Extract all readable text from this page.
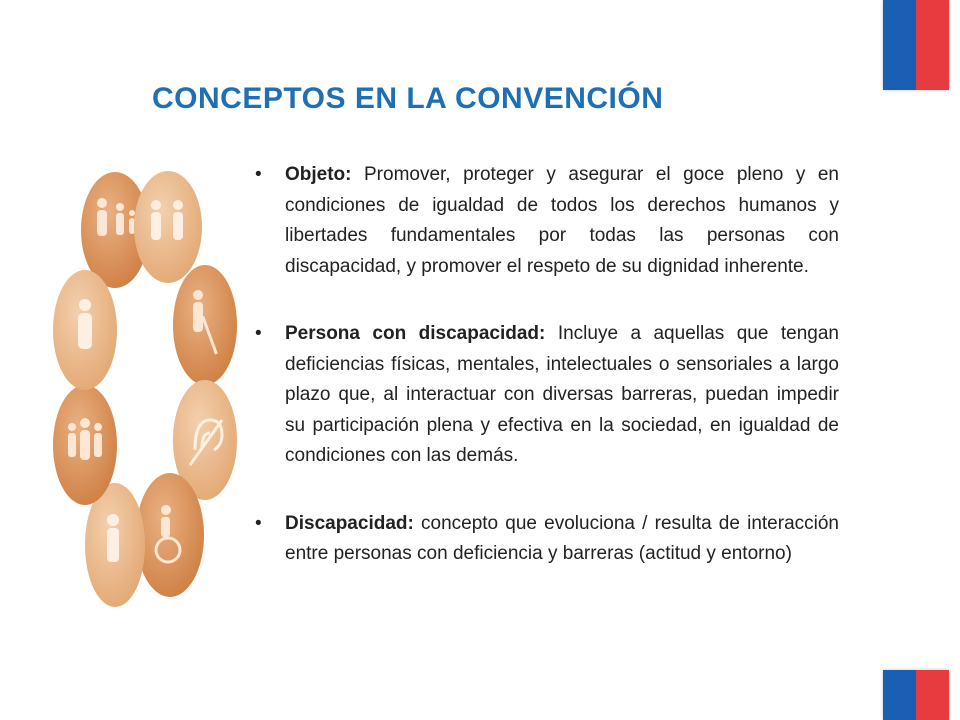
CONCEPTOS EN LA CONVENCIÓN
• Objeto: Promover, proteger y asegurar el goce pleno y en condiciones de igualdad de todos los derechos humanos y libertades fundamentales por todas las personas con discapacidad, y promover el respeto de su dignidad inherente.
• Persona con discapacidad: Incluye a aquellas que tengan deficiencias físicas, mentales, intelectuales o sensoriales a largo plazo que, al interactuar con diversas barreras, puedan impedir su participación plena y efectiva en la sociedad, en igualdad de condiciones con las demás.
• Discapacidad: concepto que evoluciona / resulta de interacción entre personas con deficiencia y barreras (actitud y entorno)
